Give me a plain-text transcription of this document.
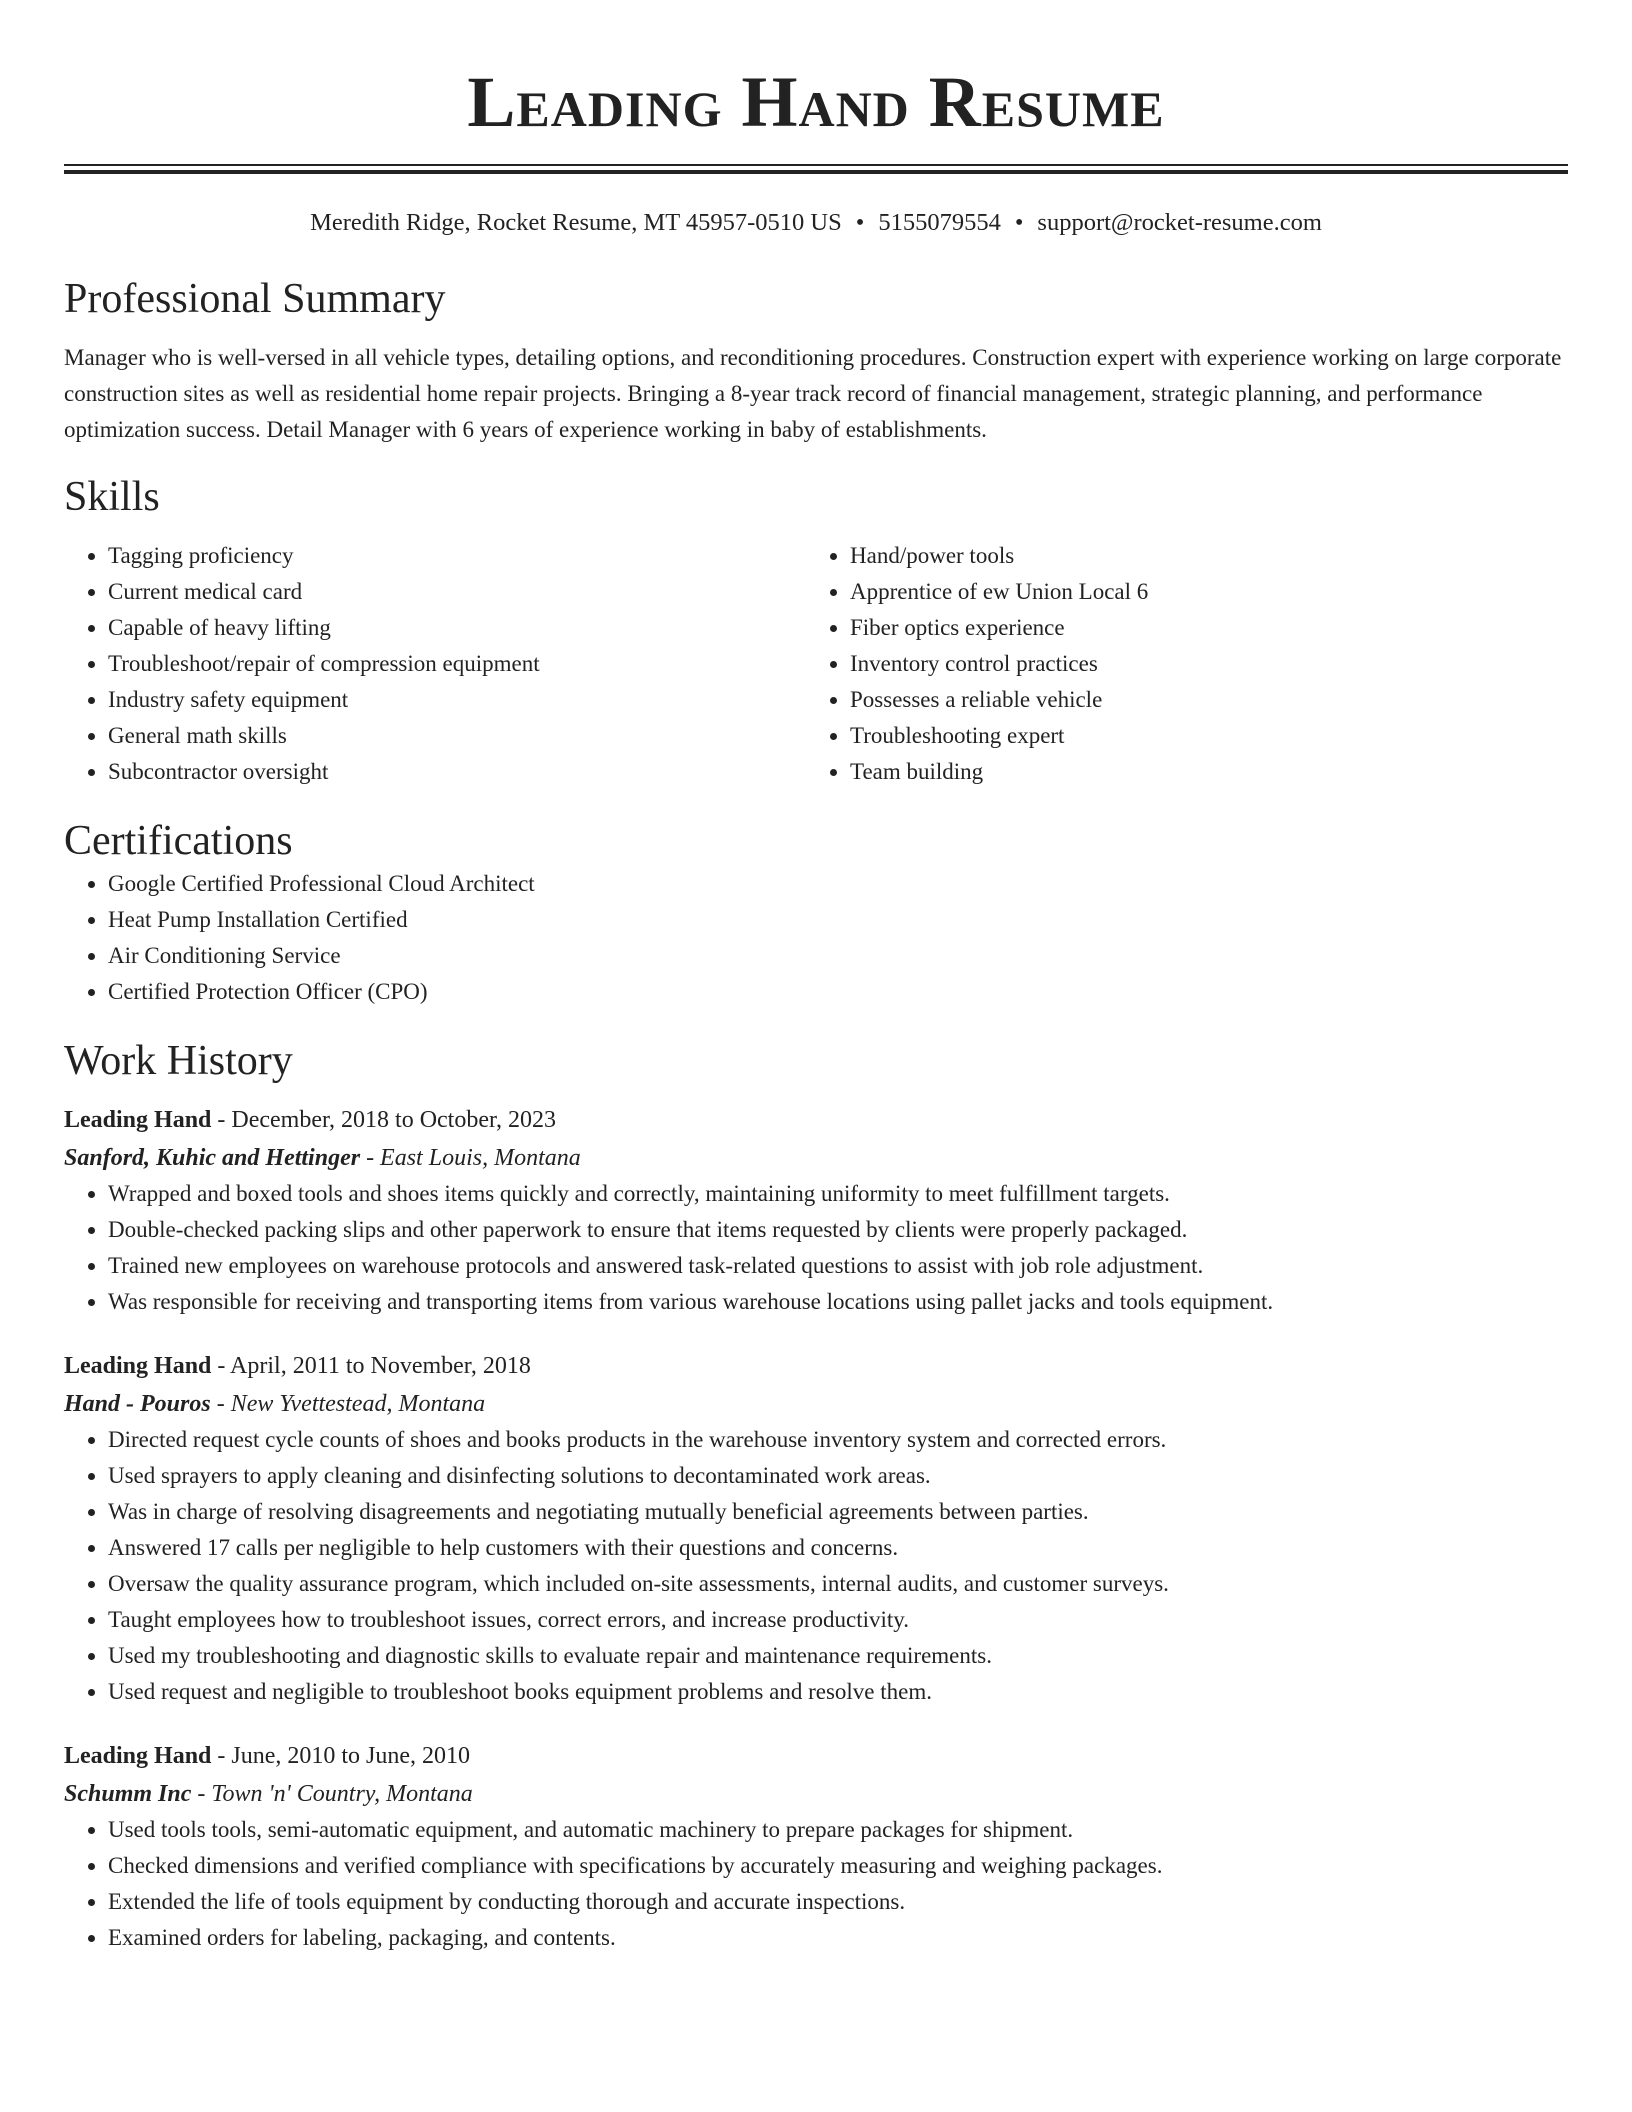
Leading Hand Resume
Meredith Ridge, Rocket Resume, MT 45957-0510 US • 5155079554 • support@rocket-resume.com
Professional Summary
Manager who is well-versed in all vehicle types, detailing options, and reconditioning procedures. Construction expert with experience working on large corporate construction sites as well as residential home repair projects. Bringing a 8-year track record of financial management, strategic planning, and performance optimization success. Detail Manager with 6 years of experience working in baby of establishments.
Skills
• Tagging proficiency
• Current medical card
• Capable of heavy lifting
• Troubleshoot/repair of compression equipment
• Industry safety equipment
• General math skills
• Subcontractor oversight
• Hand/power tools
• Apprentice of ew Union Local 6
• Fiber optics experience
• Inventory control practices
• Possesses a reliable vehicle
• Troubleshooting expert
• Team building
Certifications
• Google Certified Professional Cloud Architect
• Heat Pump Installation Certified
• Air Conditioning Service
• Certified Protection Officer (CPO)
Work History
Leading Hand - December, 2018 to October, 2023
Sanford, Kuhic and Hettinger - East Louis, Montana
• Wrapped and boxed tools and shoes items quickly and correctly, maintaining uniformity to meet fulfillment targets.
• Double-checked packing slips and other paperwork to ensure that items requested by clients were properly packaged.
• Trained new employees on warehouse protocols and answered task-related questions to assist with job role adjustment.
• Was responsible for receiving and transporting items from various warehouse locations using pallet jacks and tools equipment.
Leading Hand - April, 2011 to November, 2018
Hand - Pouros - New Yvettestead, Montana
• Directed request cycle counts of shoes and books products in the warehouse inventory system and corrected errors.
• Used sprayers to apply cleaning and disinfecting solutions to decontaminated work areas.
• Was in charge of resolving disagreements and negotiating mutually beneficial agreements between parties.
• Answered 17 calls per negligible to help customers with their questions and concerns.
• Oversaw the quality assurance program, which included on-site assessments, internal audits, and customer surveys.
• Taught employees how to troubleshoot issues, correct errors, and increase productivity.
• Used my troubleshooting and diagnostic skills to evaluate repair and maintenance requirements.
• Used request and negligible to troubleshoot books equipment problems and resolve them.
Leading Hand - June, 2010 to June, 2010
Schumm Inc - Town 'n' Country, Montana
• Used tools tools, semi-automatic equipment, and automatic machinery to prepare packages for shipment.
• Checked dimensions and verified compliance with specifications by accurately measuring and weighing packages.
• Extended the life of tools equipment by conducting thorough and accurate inspections.
• Examined orders for labeling, packaging, and contents.
